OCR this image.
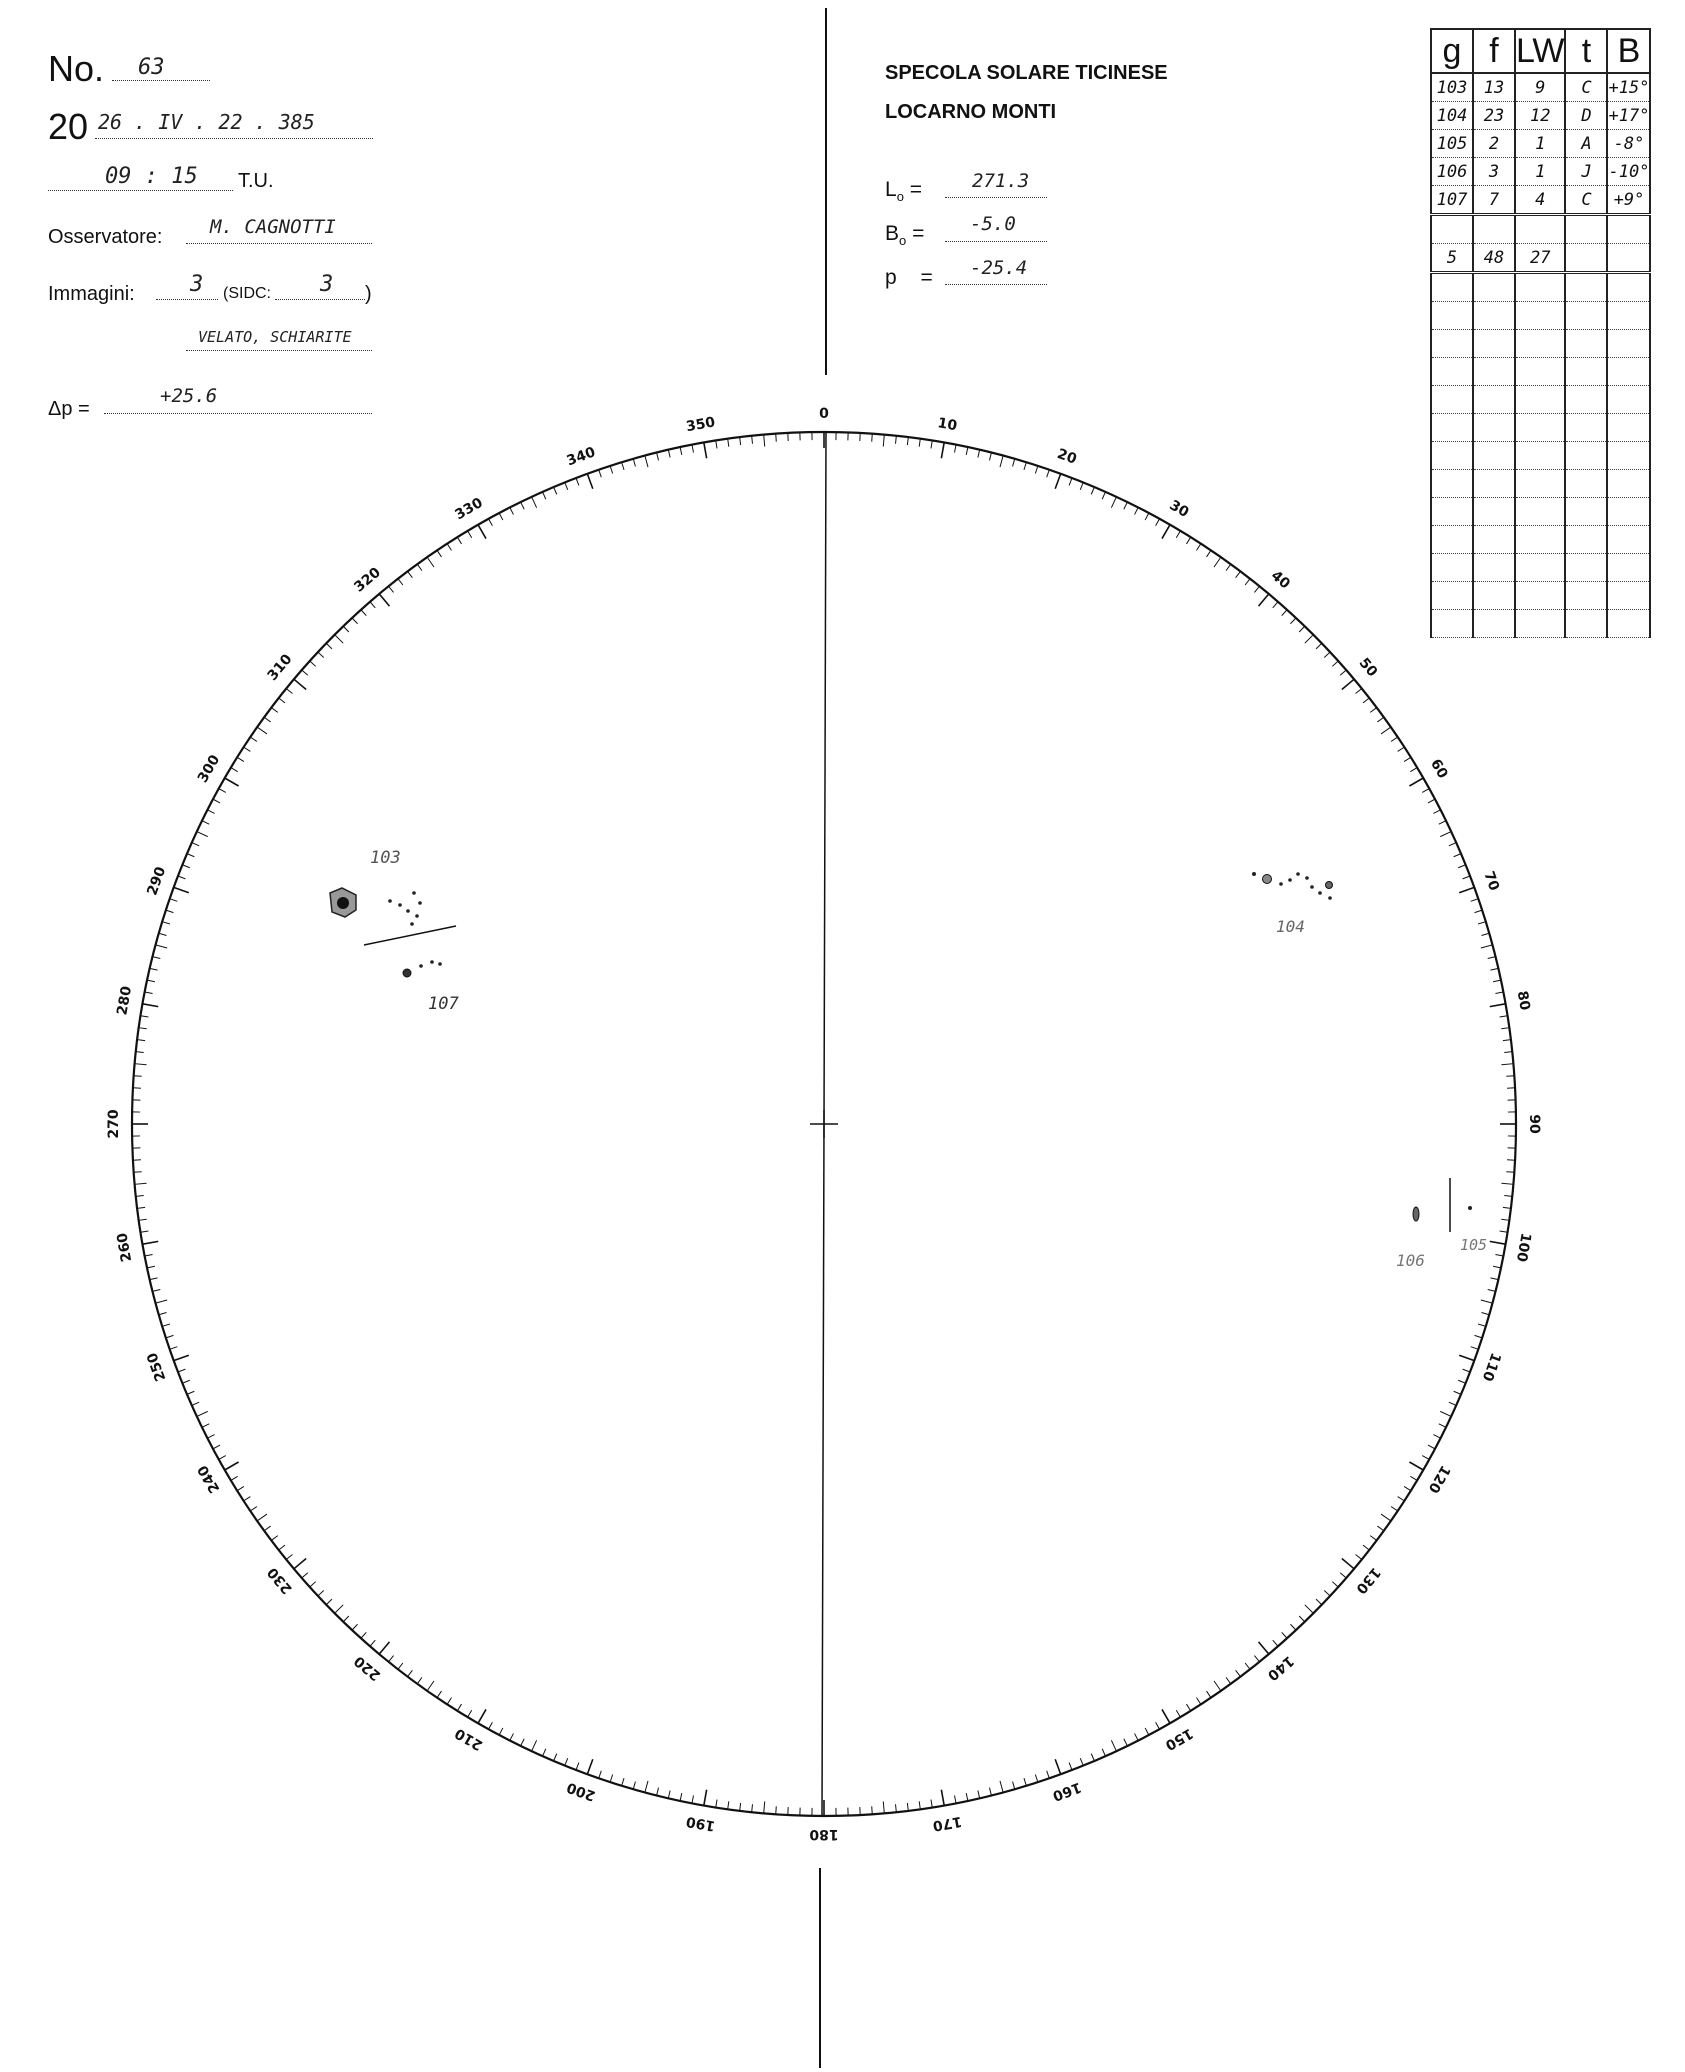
No. 63
20 26 . IV . 22 . 385
09 : 15 T.U.
Osservatore:	M. CAGNOTTI
Immagini:	3 (SIDC: 3 )
VELATO, SCHIARITE
Δp =
+25.6
SPECOLA SOLARE TICINESE
LOCARNO MONTI
$L_o$ =	271.3
$B_o = -5.0$
p = -25.4
g	f	LW	t	B
103	13	9	C	+15°
104	23	12	D	+17°
105	2	1	A	-8°
106	3	1	J	-10°
107	7	4	C	+9°

5	48	27		

0
10
20
30
40
50
60
70
80
90
100
110
120
130
140
150
160
170
180
190
200
210
220
230
240
250
260
270
280
290
300
310
320
330
340
350
103
107
104
106
105
